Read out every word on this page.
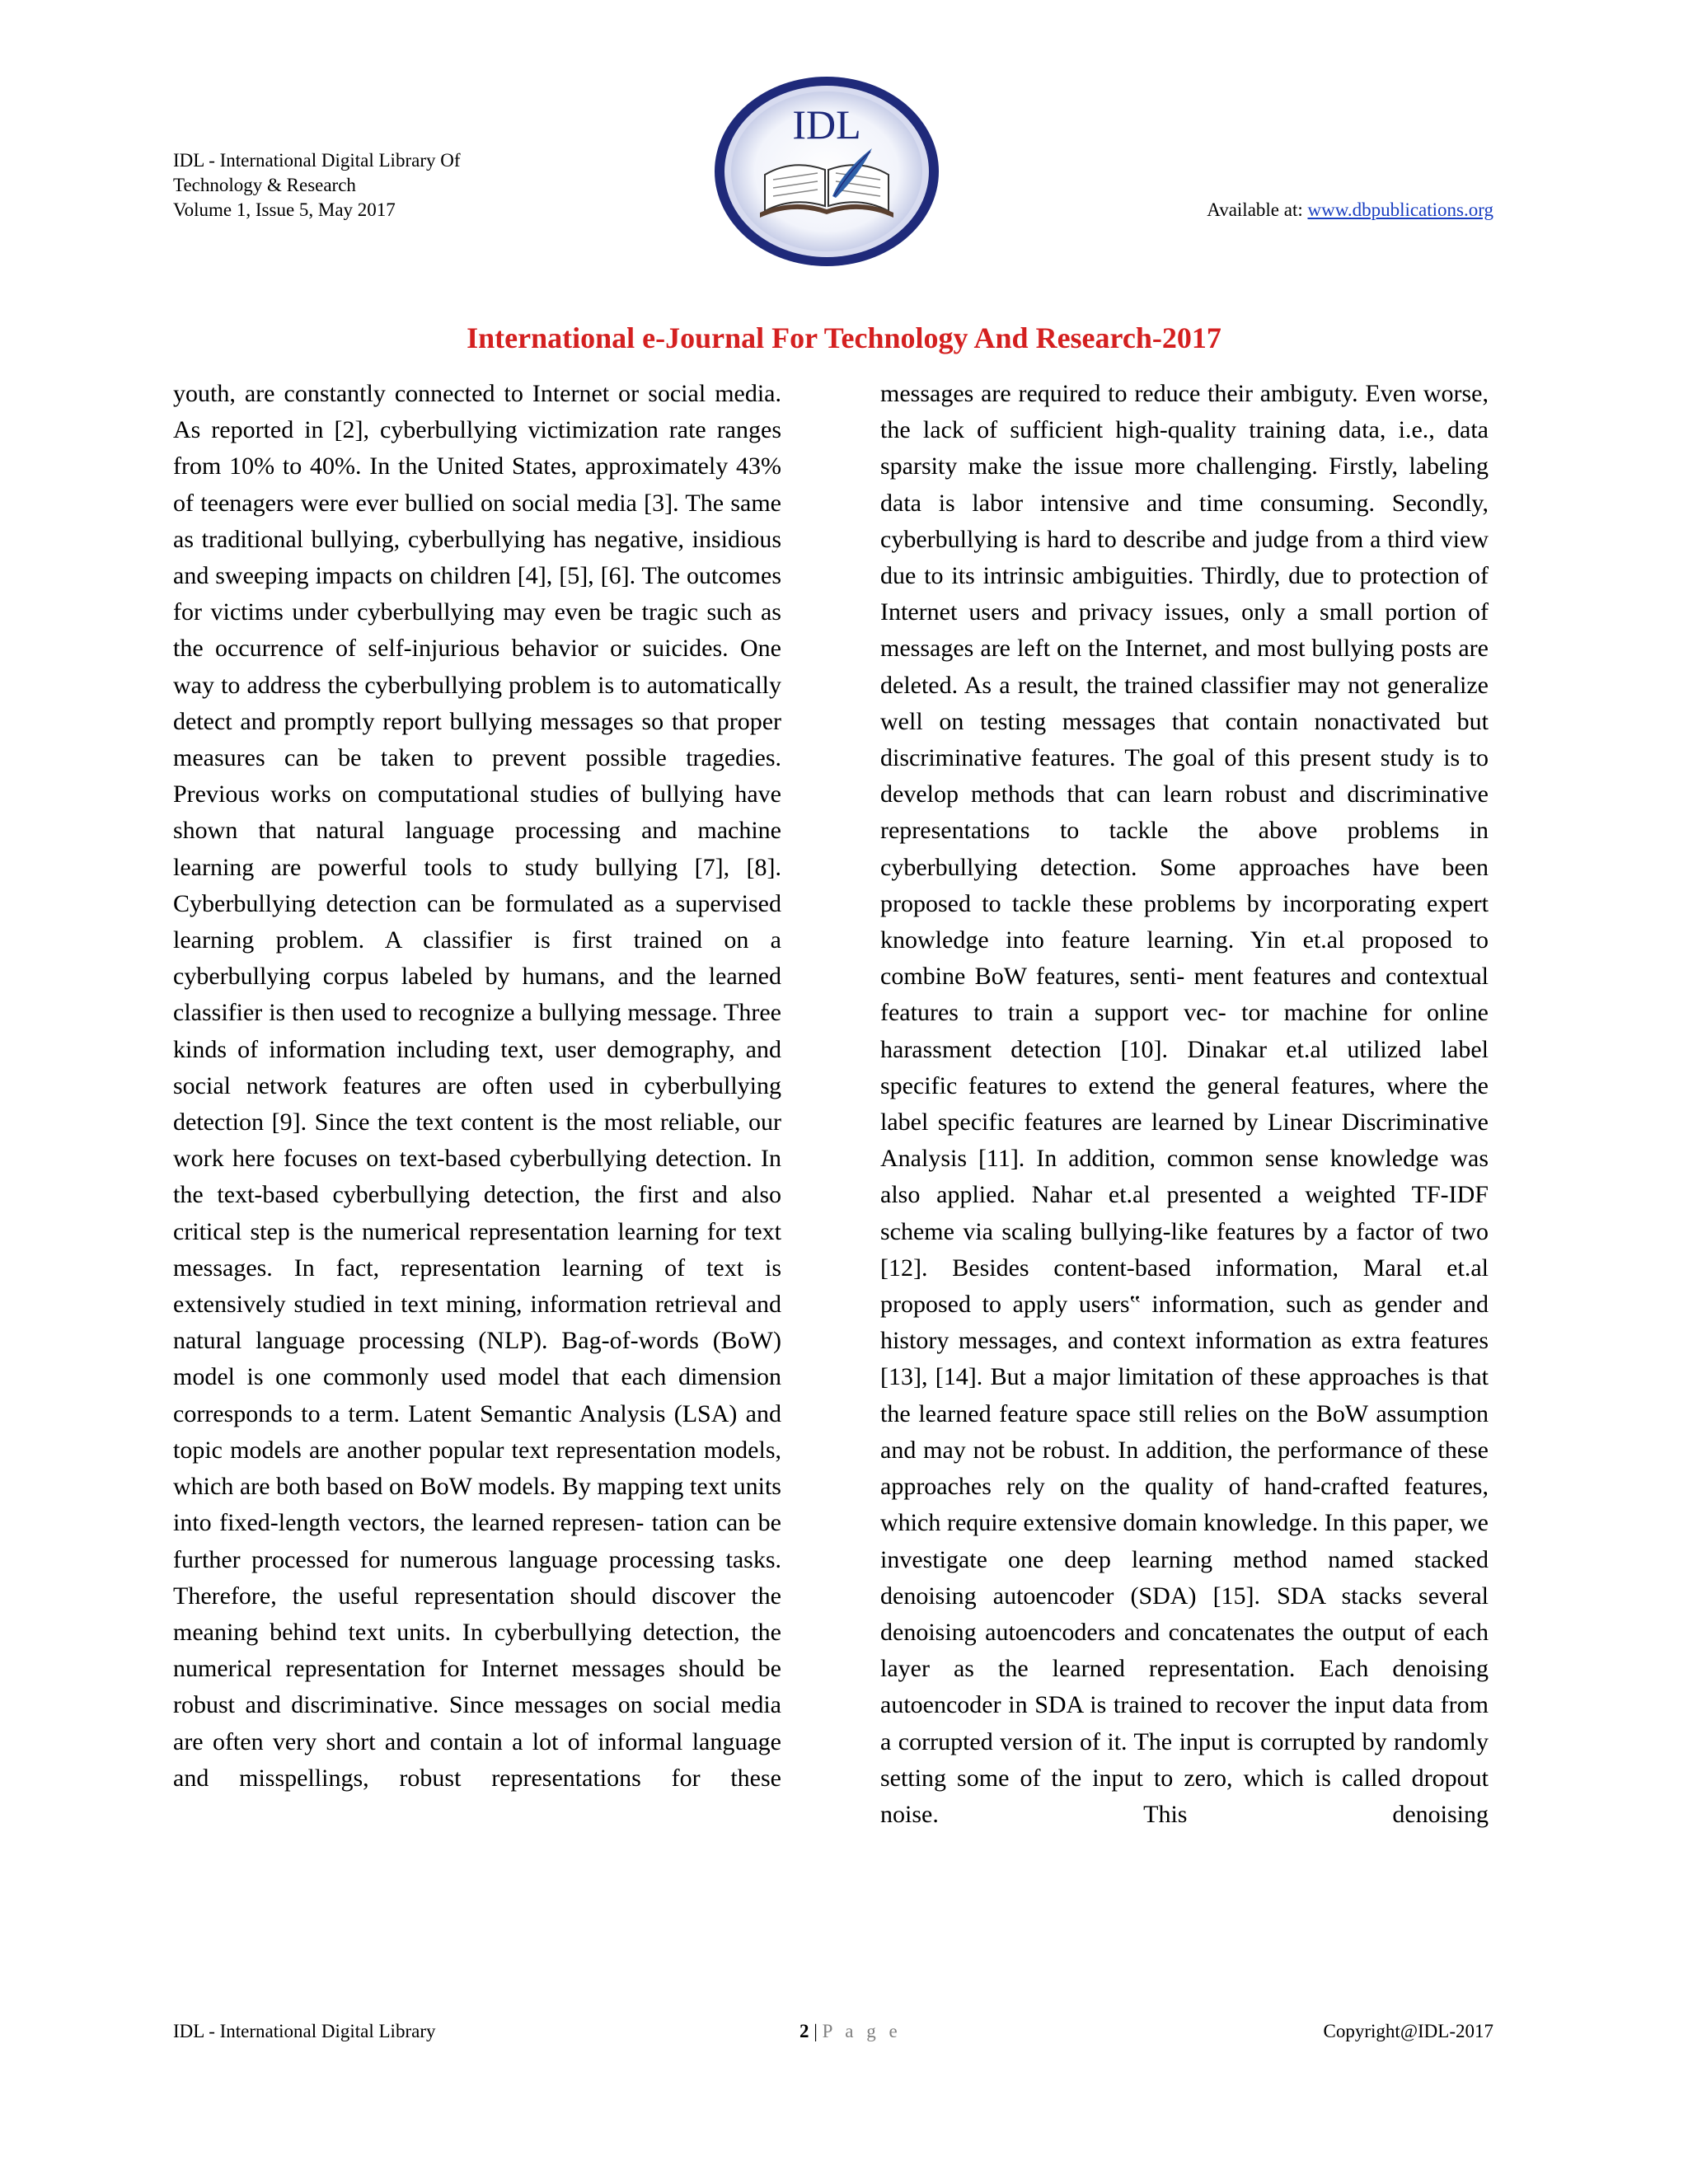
IDL - International Digital Library Of
Technology & Research
Volume 1, Issue 5, May 2017
IDL
Available at: www.dbpublications.org
International e-Journal For Technology And Research-2017

youth, are constantly connected to Internet or social media. As reported in [2], cyberbullying victimization rate ranges from 10% to 40%. In the United States, approximately 43% of teenagers were ever bullied on social media [3]. The same as traditional bullying, cyberbullying has negative, insidious and sweeping impacts on children [4], [5], [6]. The outcomes for victims under cyberbullying may even be tragic such as the occurrence of self-injurious behavior or suicides. One way to address the cyberbullying problem is to automatically detect and promptly report bullying messages so that proper measures can be taken to prevent possible tragedies. Previous works on computational studies of bullying have shown that natural language processing and machine learning are powerful tools to study bullying [7], [8]. Cyberbullying detection can be formulated as a supervised learning problem. A classifier is first trained on a cyberbullying corpus labeled by humans, and the learned classifier is then used to recognize a bullying message. Three kinds of information including text, user demography, and social network features are often used in cyberbullying detection [9]. Since the text content is the most reliable, our work here focuses on text-based cyberbullying detection. In the text-based cyberbullying detection, the first and also critical step is the numerical representation learning for text messages. In fact, representation learning of text is extensively studied in text mining, information retrieval and natural language processing (NLP). Bag-of-words (BoW) model is one commonly used model that each dimension corresponds to a term. Latent Semantic Analysis (LSA) and topic models are another popular text representation models, which are both based on BoW models. By mapping text units into fixed-length vectors, the learned represen- tation can be further processed for numerous language processing tasks. Therefore, the useful representation should discover the meaning behind text units. In cyberbullying detection, the numerical representation for Internet messages should be robust and discriminative. Since messages on social media are often very short and contain a lot of informal language and misspellings, robust representations for these

messages are required to reduce their ambiguty. Even worse, the lack of sufficient high-quality training data, i.e., data sparsity make the issue more challenging. Firstly, labeling data is labor intensive and time consuming. Secondly, cyberbullying is hard to describe and judge from a third view due to its intrinsic ambiguities. Thirdly, due to protection of Internet users and privacy issues, only a small portion of messages are left on the Internet, and most bullying posts are deleted. As a result, the trained classifier may not generalize well on testing messages that contain nonactivated but discriminative features. The goal of this present study is to develop methods that can learn robust and discriminative representations to tackle the above problems in cyberbullying detection. Some approaches have been proposed to tackle these problems by incorporating expert knowledge into feature learning. Yin et.al proposed to combine BoW features, senti- ment features and contextual features to train a support vec- tor machine for online harassment detection [10]. Dinakar et.al utilized label specific features to extend the general features, where the label specific features are learned by Linear Discriminative Analysis [11]. In addition, common sense knowledge was also applied. Nahar et.al presented a weighted TF-IDF scheme via scaling bullying-like features by a factor of two [12]. Besides content-based information, Maral et.al proposed to apply users‟ information, such as gender and history messages, and context information as extra features [13], [14]. But a major limitation of these approaches is that the learned feature space still relies on the BoW assumption and may not be robust. In addition, the performance of these approaches rely on the quality of hand-crafted features, which require extensive domain knowledge. In this paper, we investigate one deep learning method named stacked denoising autoencoder (SDA) [15]. SDA stacks several denoising autoencoders and concatenates the output of each layer as the learned representation. Each denoising autoencoder in SDA is trained to recover the input data from a corrupted version of it. The input is corrupted by randomly setting some of the input to zero, which is called dropout noise. This denoising

IDL - International Digital Library	2 | P a g e	Copyright@IDL-2017
